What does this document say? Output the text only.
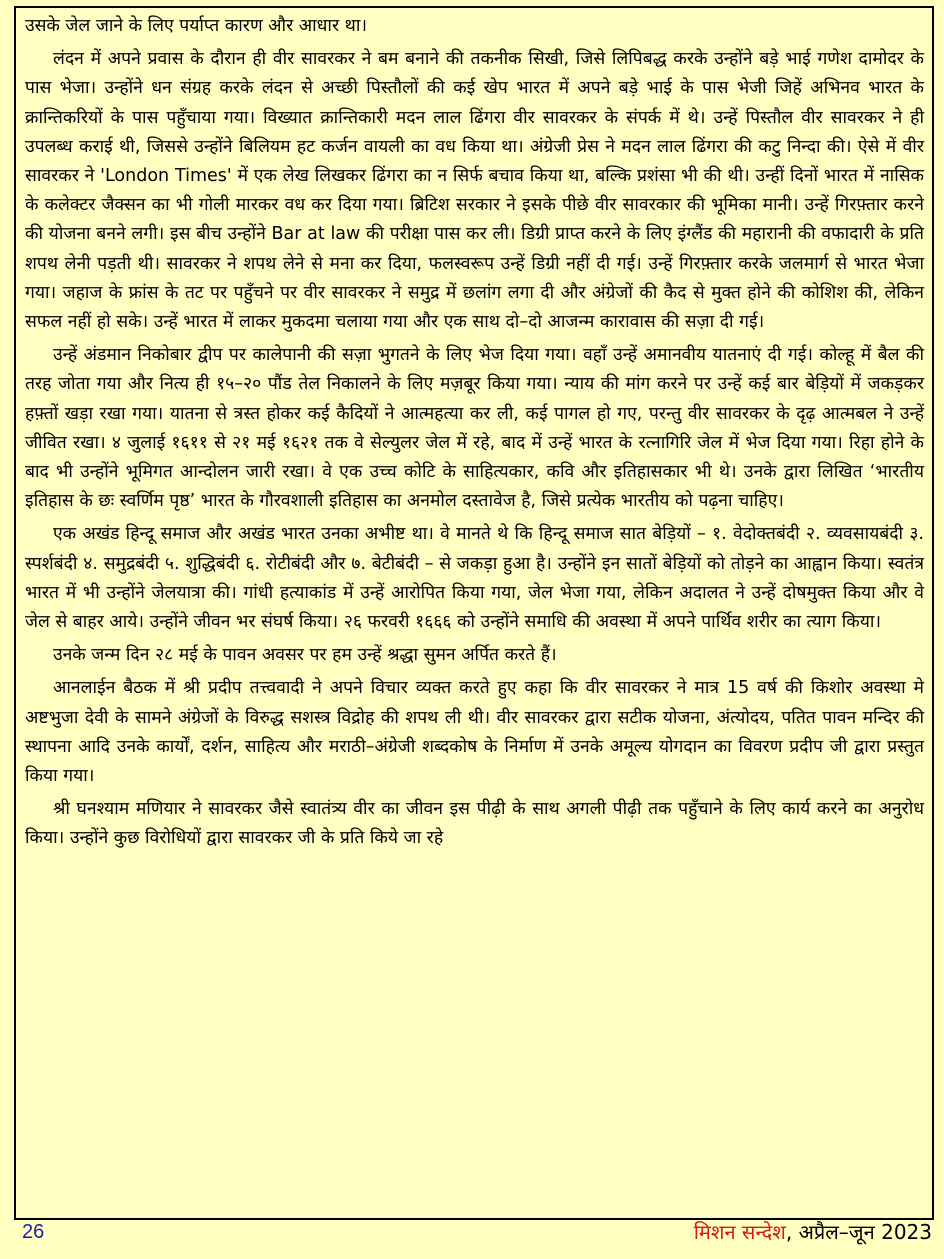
उसके जेल जाने के लिए पर्याप्त कारण और आधार था।

लंदन में अपने प्रवास के दौरान ही वीर सावरकर ने बम बनाने की तकनीक सिखी, जिसे लिपिबद्ध करके उन्होंने बड़े भाई गणेश दामोदर के पास भेजा। उन्होंने धन संग्रह करके लंदन से अच्छी पिस्तौलों की कई खेप भारत में अपने बड़े भाई के पास भेजी जिहें अभिनव भारत के क्रान्तिकरियों के पास पहुँचाया गया। विख्यात क्रान्तिकारी मदन लाल ढिंगरा वीर सावरकर के संपर्क में थे। उन्हें पिस्तौल वीर सावरकर ने ही उपलब्ध कराई थी, जिससे उन्होंने बिलियम हट कर्जन वायली का वध किया था। अंग्रेजी प्रेस ने मदन लाल ढिंगरा की कटु निन्दा की। ऐसे में वीर सावरकर ने 'London Times' में एक लेख लिखकर ढिंगरा का न सिर्फ बचाव किया था, बल्कि प्रशंसा भी की थी। उन्हीं दिनों भारत में नासिक के कलेक्टर जैक्सन का भी गोली मारकर वध कर दिया गया। ब्रिटिश सरकार ने इसके पीछे वीर सावरकार की भूमिका मानी। उन्हें गिरफ़्तार करने की योजना बनने लगी। इस बीच उन्होंने Bar at law की परीक्षा पास कर ली। डिग्री प्राप्त करने के लिए इंग्लैंड की महारानी की वफादारी के प्रति शपथ लेनी पड़ती थी। सावरकर ने शपथ लेने से मना कर दिया, फलस्वरूप उन्हें डिग्री नहीं दी गई। उन्हें गिरफ़्तार करके जलमार्ग से भारत भेजा गया। जहाज के फ्रांस के तट पर पहुँचने पर वीर सावरकर ने समुद्र में छलांग लगा दी और अंग्रेजों की कैद से मुक्त होने की कोशिश की, लेकिन सफल नहीं हो सके। उन्हें भारत में लाकर मुकदमा चलाया गया और एक साथ दो–दो आजन्म कारावास की सज़ा दी गई।

उन्हें अंडमान निकोबार द्वीप पर कालेपानी की सज़ा भुगतने के लिए भेज दिया गया। वहाँ उन्हें अमानवीय यातनाएं दी गई। कोल्हू में बैल की तरह जोता गया और नित्य ही १५–२० पौंड तेल निकालने के लिए मज़बूर किया गया। न्याय की मांग करने पर उन्हें कई बार बेड़ियों में जकड़कर हफ़्तों खड़ा रखा गया। यातना से त्रस्त होकर कई कैदियों ने आत्महत्या कर ली, कई पागल हो गए, परन्तु वीर सावरकर के दृढ़ आत्मबल ने उन्हें जीवित रखा। ४ जुलाई १६११ से २१ मई १६२१ तक वे सेल्युलर जेल में रहे, बाद में उन्हें भारत के रत्नागिरि जेल में भेज दिया गया। रिहा होने के बाद भी उन्होंने भूमिगत आन्दोलन जारी रखा। वे एक उच्च कोटि के साहित्यकार, कवि और इतिहासकार भी थे। उनके द्वारा लिखित ‘भारतीय इतिहास के छः स्वर्णिम पृष्ठ’ भारत के गौरवशाली इतिहास का अनमोल दस्तावेज है, जिसे प्रत्येक भारतीय को पढ़ना चाहिए।

एक अखंड हिन्दू समाज और अखंड भारत उनका अभीष्ट था। वे मानते थे कि हिन्दू समाज सात बेड़ियों – १. वेदोक्तबंदी २. व्यवसायबंदी ३. स्पर्शबंदी ४. समुद्रबंदी ५. शुद्धिबंदी ६. रोटीबंदी और ७. बेटीबंदी – से जकड़ा हुआ है। उन्होंने इन सातों बेड़ियों को तोड़ने का आह्वान किया। स्वतंत्र भारत में भी उन्होंने जेलयात्रा की। गांधी हत्याकांड में उन्हें आरोपित किया गया, जेल भेजा गया, लेकिन अदालत ने उन्हें दोषमुक्त किया और वे जेल से बाहर आये। उन्होंने जीवन भर संघर्ष किया। २६ फरवरी १६६६ को उन्होंने समाधि की अवस्था में अपने पार्थिव शरीर का त्याग किया।

उनके जन्म दिन २८ मई के पावन अवसर पर हम उन्हें श्रद्धा सुमन अर्पित करते हैं।

आनलाईन बैठक में श्री प्रदीप तत्त्ववादी ने अपने विचार व्यक्त करते हुए कहा कि वीर सावरकर ने मात्र 15 वर्ष की किशोर अवस्था मे अष्टभुजा देवी के सामने अंग्रेजों के विरुद्ध सशस्त्र विद्रोह की शपथ ली थी। वीर सावरकर द्वारा सटीक योजना, अंत्योदय, पतित पावन मन्दिर की स्थापना आदि उनके कार्यों, दर्शन, साहित्य और मराठी–अंग्रेजी शब्दकोष के निर्माण में उनके अमूल्य योगदान का विवरण प्रदीप जी द्वारा प्रस्तुत किया गया।

श्री घनश्याम मणियार ने सावरकर जैसे स्वातंत्र्य वीर का जीवन इस पीढ़ी के साथ अगली पीढ़ी तक पहुँचाने के लिए कार्य करने का अनुरोध किया। उन्होंने कुछ विरोधियों द्वारा सावरकर जी के प्रति किये जा रहे

26	मिशन सन्देश, अप्रैल–जून 2023
